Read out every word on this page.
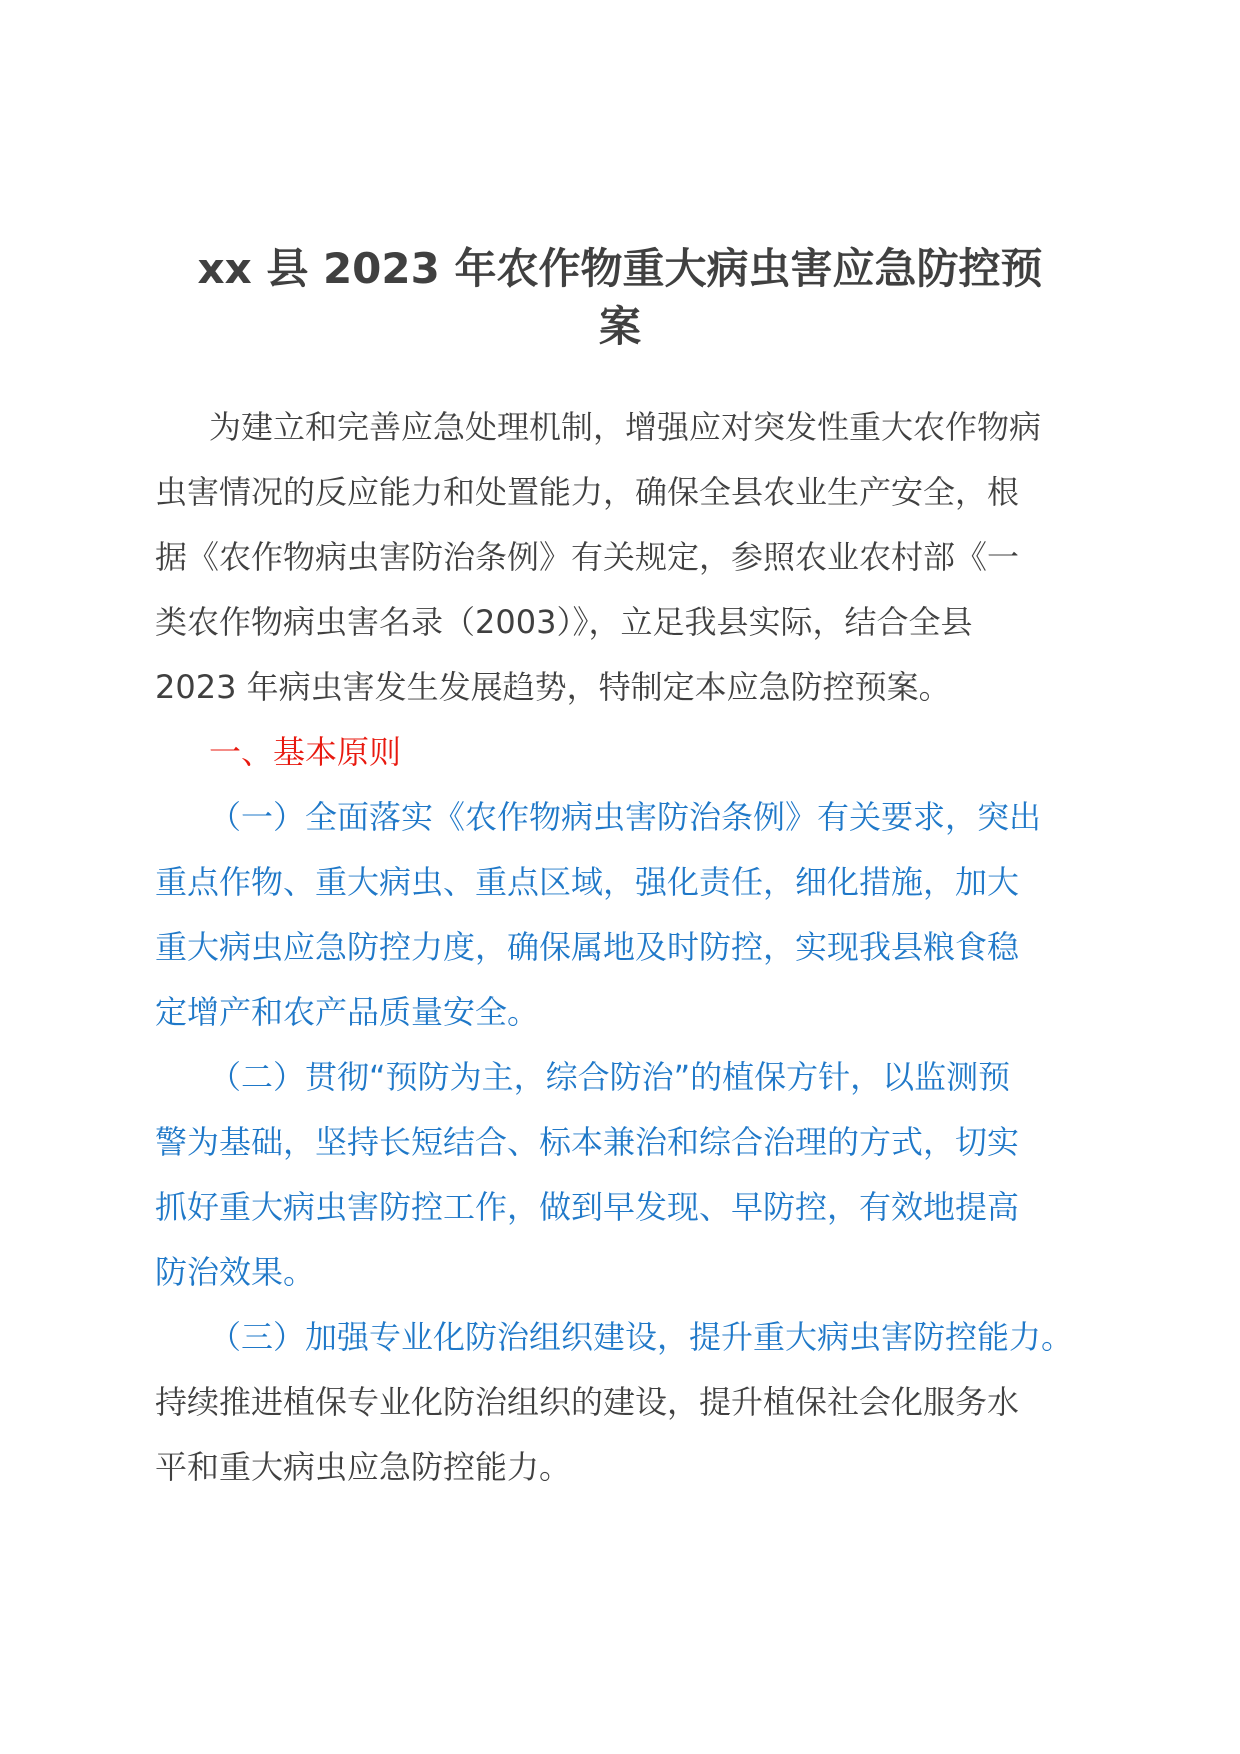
xx 县 2023 年农作物重大病虫害应急防控预
案

为建立和完善应急处理机制，增强应对突发性重大农作物病
虫害情况的反应能力和处置能力，确保全县农业生产安全，根
据《农作物病虫害防治条例》有关规定，参照农业农村部《一
类农作物病虫害名录（2003）》，立足我县实际，结合全县
2023 年病虫害发生发展趋势，特制定本应急防控预案。

一、基本原则

（一）全面落实《农作物病虫害防治条例》有关要求，突出
重点作物、重大病虫、重点区域，强化责任，细化措施，加大
重大病虫应急防控力度，确保属地及时防控，实现我县粮食稳
定增产和农产品质量安全。

（二）贯彻“预防为主，综合防治”的植保方针，以监测预
警为基础，坚持长短结合、标本兼治和综合治理的方式，切实
抓好重大病虫害防控工作，做到早发现、早防控，有效地提高
防治效果。

（三）加强专业化防治组织建设，提升重大病虫害防控能力。
持续推进植保专业化防治组织的建设，提升植保社会化服务水
平和重大病虫应急防控能力。
